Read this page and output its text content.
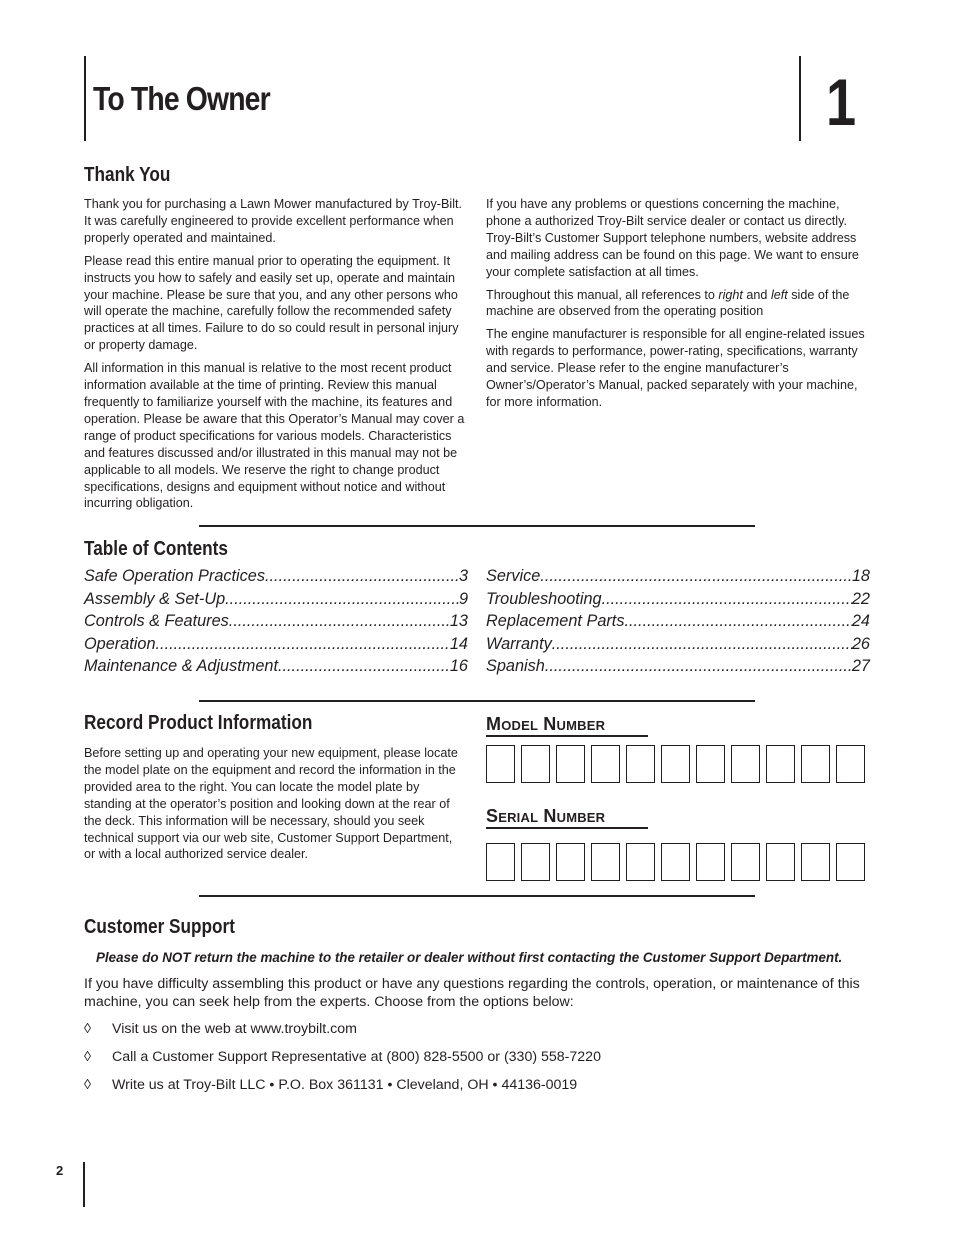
To The Owner	1
Thank You

Thank you for purchasing a Lawn Mower manufactured by Troy-Bilt. It was carefully engineered to provide excellent performance when properly operated and maintained.

Please read this entire manual prior to operating the equipment. It instructs you how to safely and easily set up, operate and maintain your machine. Please be sure that you, and any other persons who will operate the machine, carefully follow the recommended safety practices at all times. Failure to do so could result in personal injury or property damage.

All information in this manual is relative to the most recent product information available at the time of printing. Review this manual frequently to familiarize yourself with the machine, its features and operation. Please be aware that this Operator’s Manual may cover a range of product specifications for various models. Characteristics and features discussed and/or illustrated in this manual may not be applicable to all models. We reserve the right to change product specifications, designs and equipment without notice and without incurring obligation.

If you have any problems or questions concerning the machine, phone a authorized Troy-Bilt service dealer or contact us directly. Troy-Bilt’s Customer Support telephone numbers, website address and mailing address can be found on this page. We want to ensure your complete satisfaction at all times.

Throughout this manual, all references to right and left side of the machine are observed from the operating position

The engine manufacturer is responsible for all engine-related issues with regards to performance, power-rating, specifications, warranty and service. Please refer to the engine manufacturer’s Owner’s/Operator’s Manual, packed separately with your machine, for more information.

Table of Contents
Safe Operation Practices .....	3
Assembly & Set-Up .....	9
Controls & Features .....	13
Operation .....	14
Maintenance & Adjustment .....	16
Service .....	18
Troubleshooting .....	22
Replacement Parts .....	24
Warranty .....	26
Spanish .....	27
Record Product Information

Before setting up and operating your new equipment, please locate the model plate on the equipment and record the information in the provided area to the right. You can locate the model plate by standing at the operator’s position and looking down at the rear of the deck. This information will be necessary, should you seek technical support via our web site, Customer Support Department, or with a local authorized service dealer.

Model Number
Serial Number
Customer Support
Please do NOT return the machine to the retailer or dealer without first contacting the Customer Support Department.
If you have difficulty assembling this product or have any questions regarding the controls, operation, or maintenance of this machine, you can seek help from the experts. Choose from the options below:
◊ Visit us on the web at www.troybilt.com
◊ Call a Customer Support Representative at (800) 828-5500 or (330) 558-7220
◊ Write us at Troy-Bilt LLC • P.O. Box 361131 • Cleveland, OH • 44136-0019
2
